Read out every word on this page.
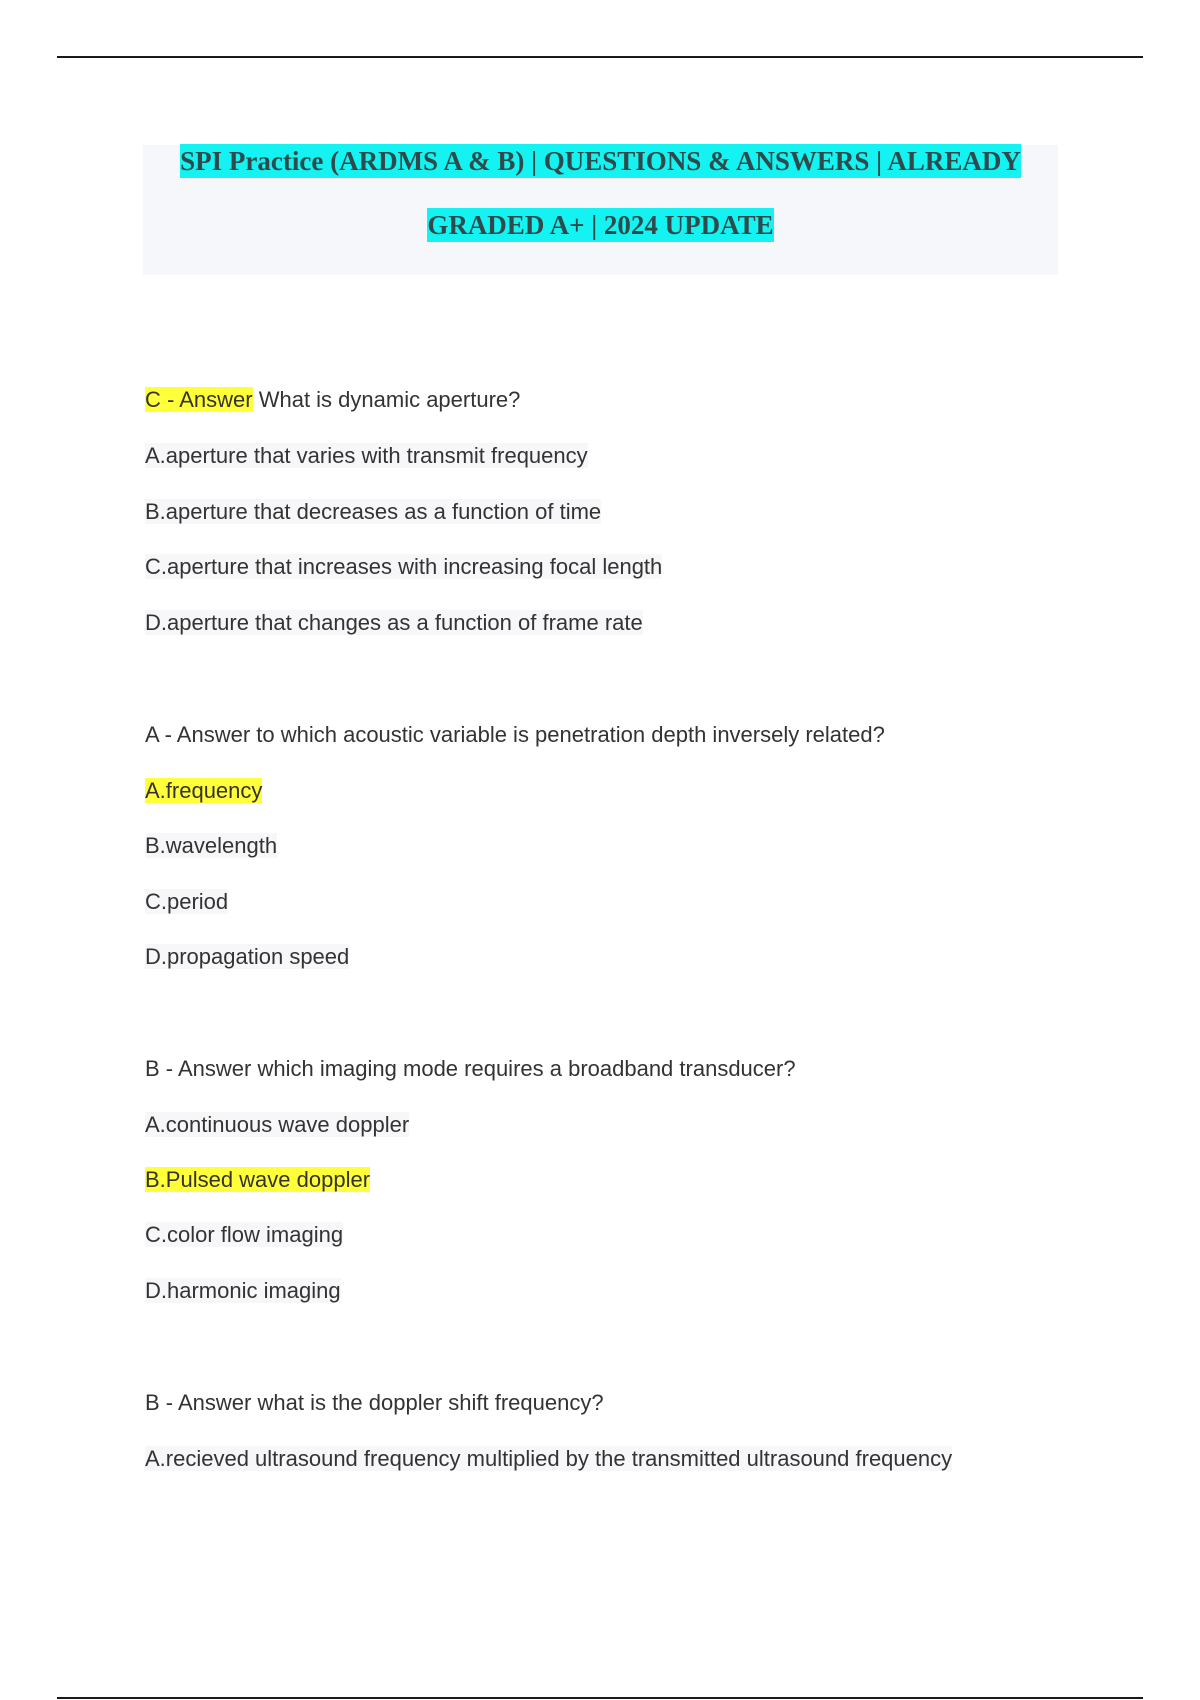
SPI Practice (ARDMS A & B) | QUESTIONS & ANSWERS | ALREADY
GRADED A+ | 2024 UPDATE
C - Answer What is dynamic aperture?
A.aperture that varies with transmit frequency
B.aperture that decreases as a function of time
C.aperture that increases with increasing focal length
D.aperture that changes as a function of frame rate
A - Answer to which acoustic variable is penetration depth inversely related?
A.frequency
B.wavelength
C.period
D.propagation speed
B - Answer which imaging mode requires a broadband transducer?
A.continuous wave doppler
B.Pulsed wave doppler
C.color flow imaging
D.harmonic imaging
B - Answer what is the doppler shift frequency?
A.recieved ultrasound frequency multiplied by the transmitted ultrasound frequency
